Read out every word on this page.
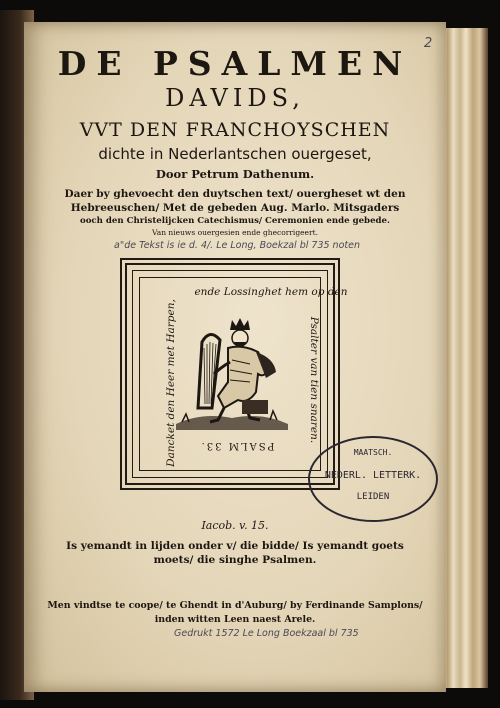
2
DE PSALMEN
DAVIDS,
VVT DEN FRANCHOYSCHEN
dichte in Nederlantschen ouergeset,
Door Petrum Dathenum.
Daer by ghevoecht den duytschen text/ ouergheset wt den
Hebreeuschen/ Met de gebeden Aug. Marlo. Mitsgaders
ooch den Christelijcken Catechismus/ Ceremonien ende gebede.
Van nieuws ouergesien ende ghecorrigeert.
a"de Tekst is ie d. 4/. Le Long, Boekzal bl 735 noten
ende Lossinghet hem op den
Dancket den Heer met Harpen,	Psalter van tien snaren.
PSALM 33.
MAATSCH.
NEDERL. LETTERK.
LEIDEN
Iacob. v. 15.
Is yemandt in lijden onder v/ die bidde/ Is yemandt goets
moets/ die singhe Psalmen.
Men vindtse te coope/ te Ghendt in d'Auburg/ by Ferdinande Samplons/
inden witten Leen naest Arele.
Gedrukt 1572 Le Long Boekzaal bl 735
